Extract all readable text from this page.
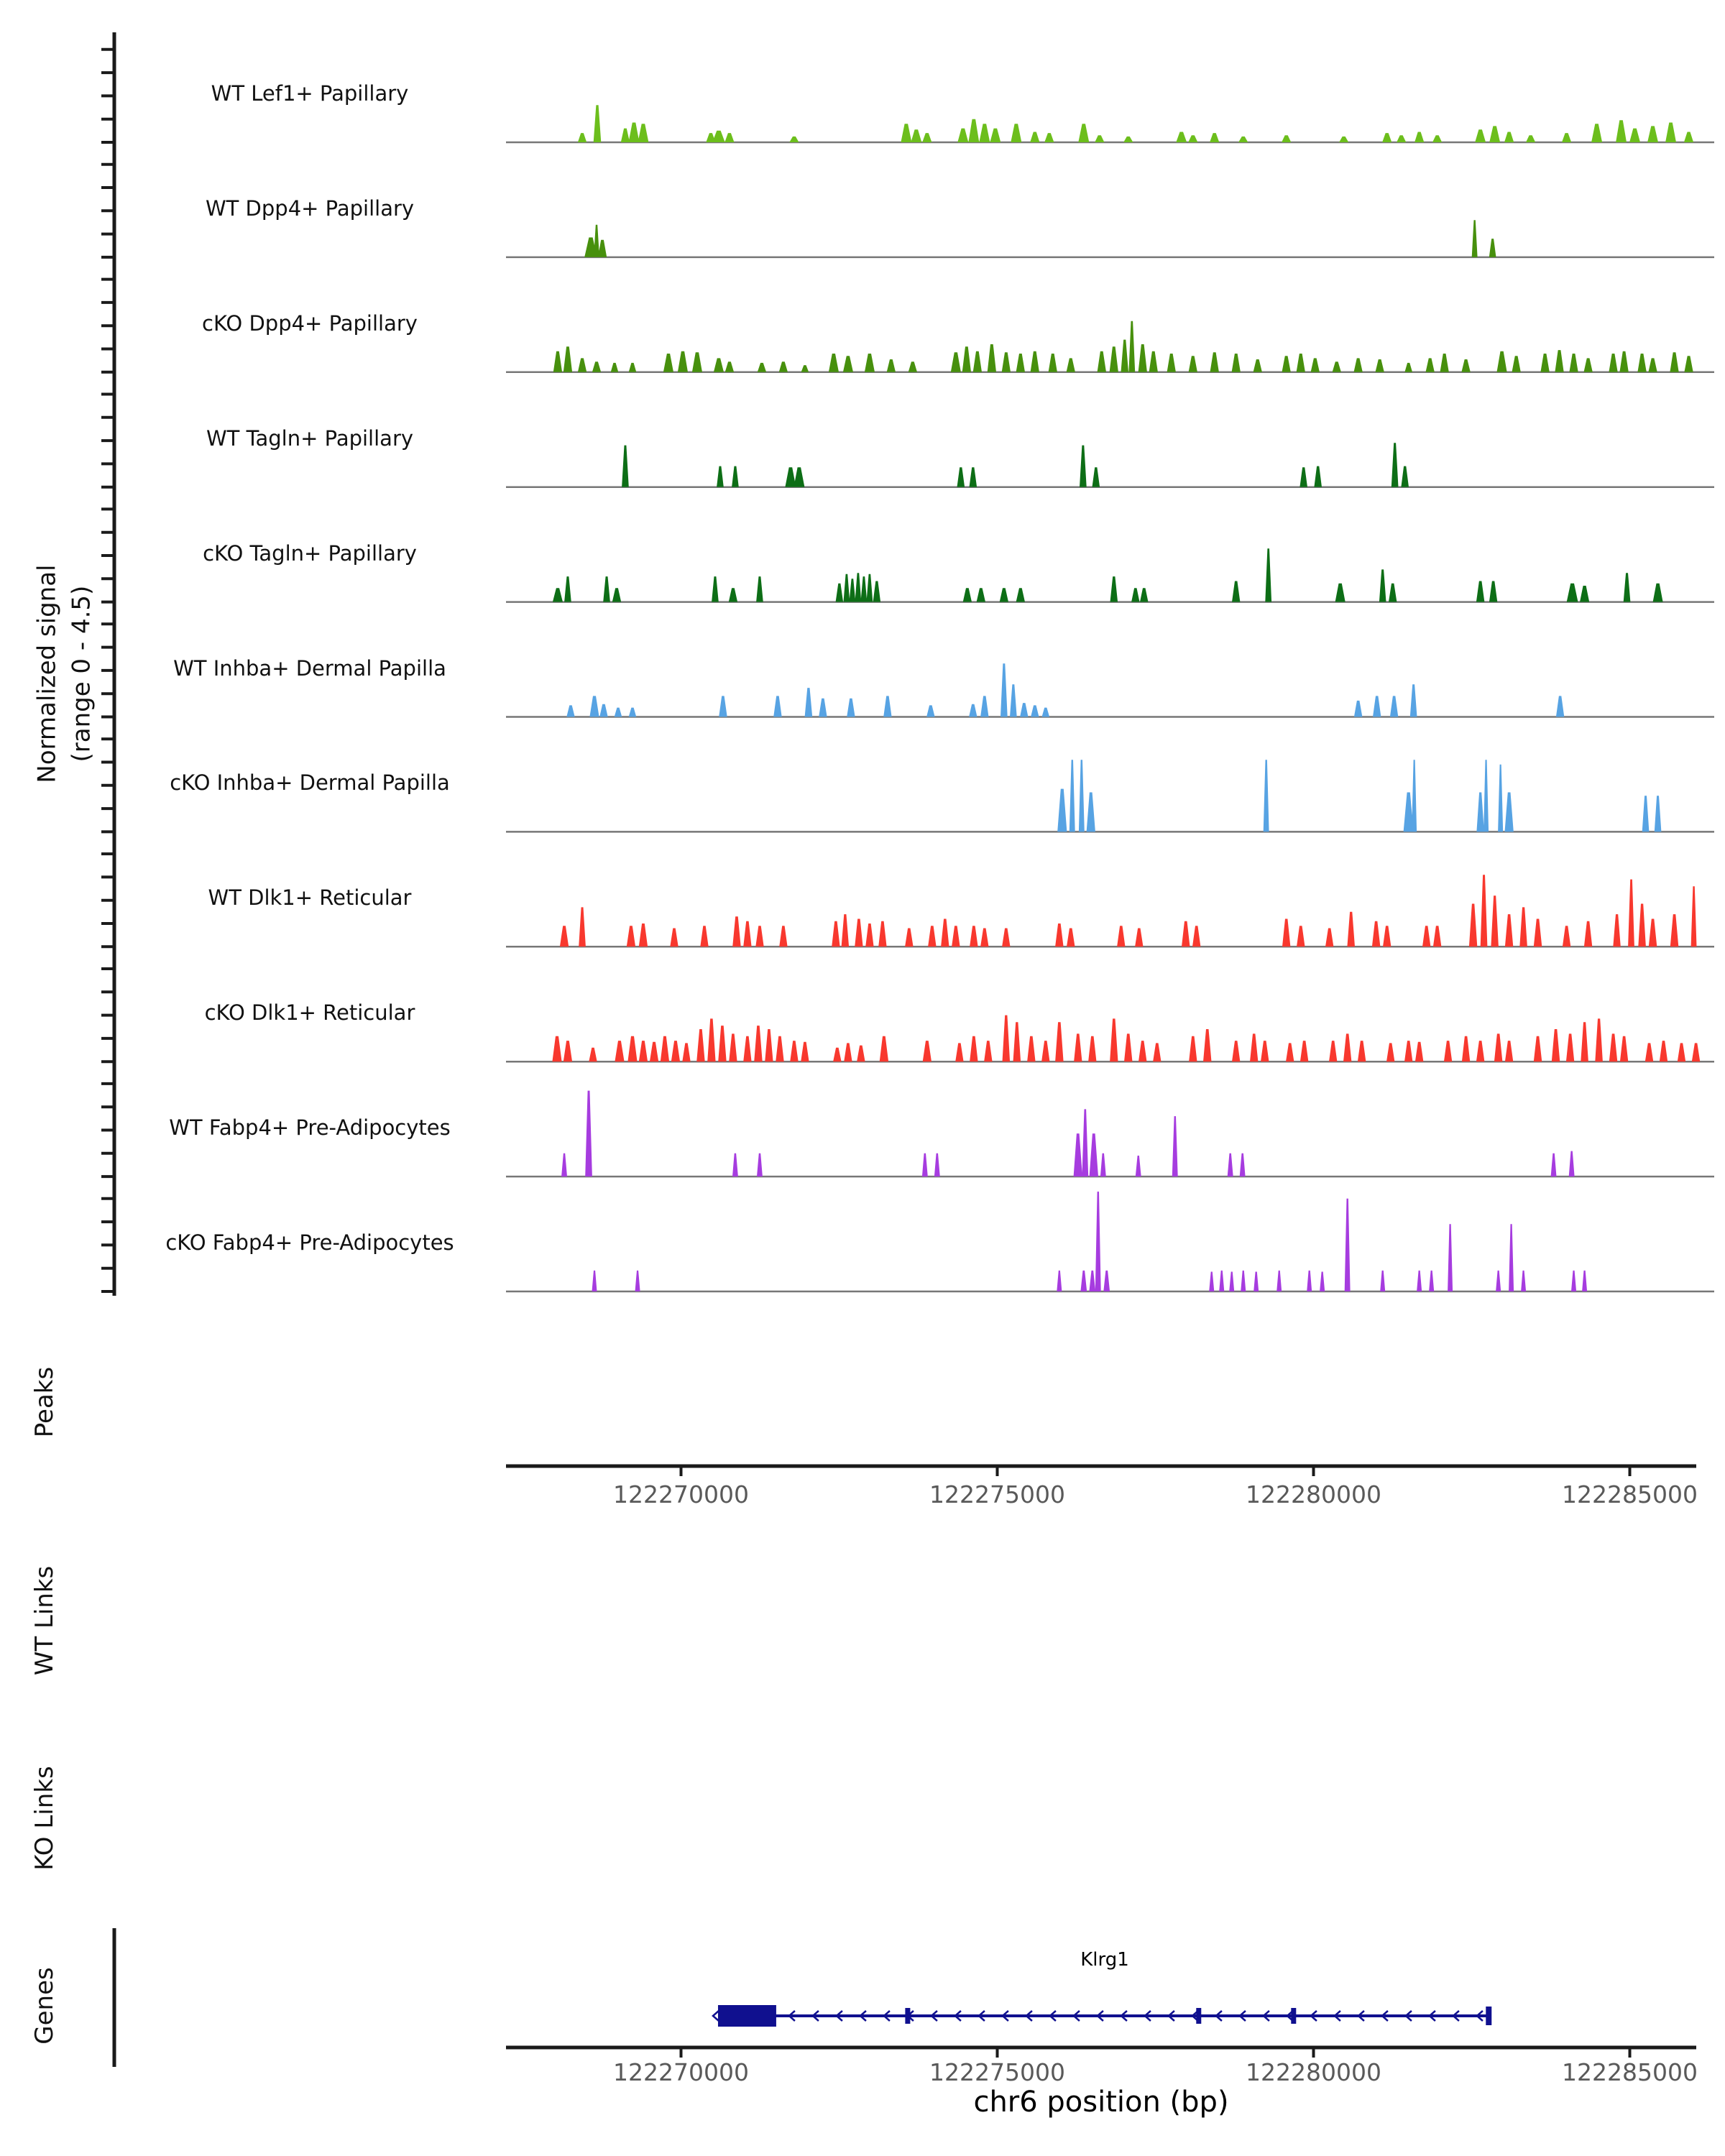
Normalized signal (range 0 - 4.5)
Peaks
WT Links
KO Links
Genes
Klrg1
chr6 position (bp)
WT Lef1+ Papillary
WT Dpp4+ Papillary
cKO Dpp4+ Papillary
WT Tagln+ Papillary
cKO Tagln+ Papillary
WT Inhba+ Dermal Papilla
cKO Inhba+ Dermal Papilla
WT Dlk1+ Reticular
cKO Dlk1+ Reticular
WT Fabp4+ Pre-Adipocytes
cKO Fabp4+ Pre-Adipocytes
122270000	122275000	122280000	122285000
122270000	122275000	122280000	122285000
